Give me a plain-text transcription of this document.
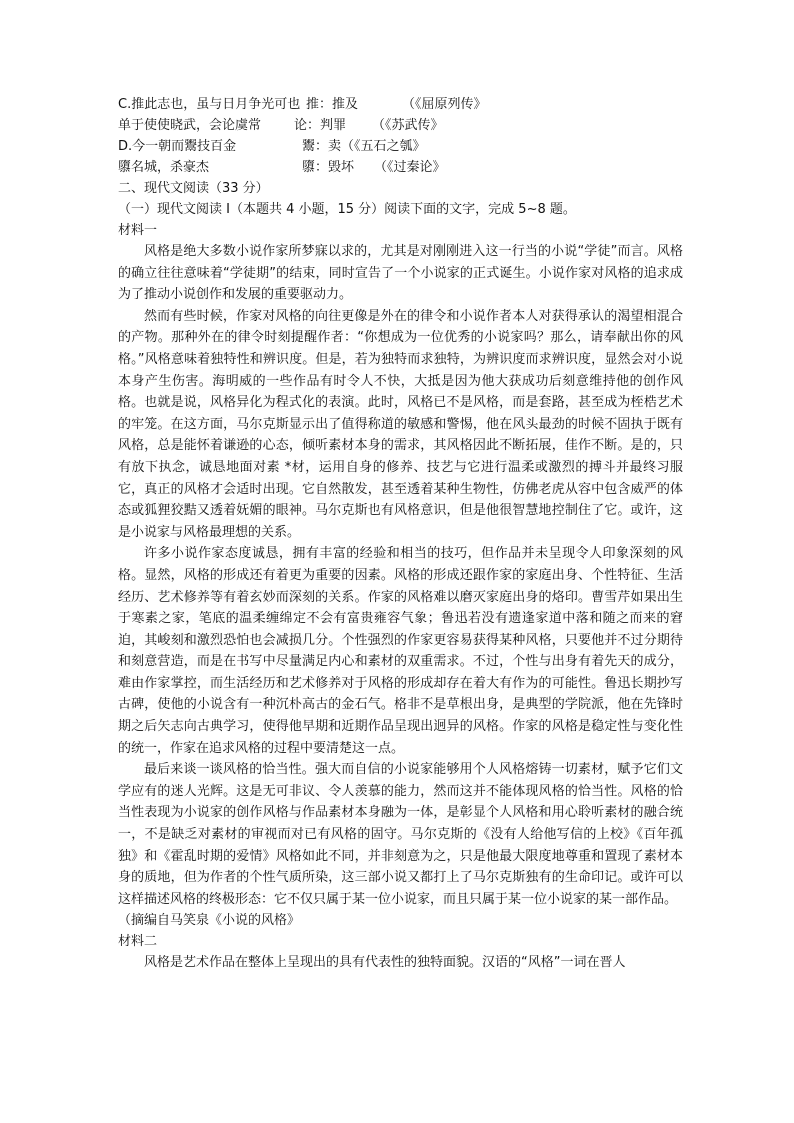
C.推此志也，虽与日月争光可也 推：推及	（《屈原列传》
单于使使晓武，会论虞常	论：判罪 （《苏武传》
D.今一朝而鬻技百金	鬻：卖（《五石之瓠》
隳名城，杀豪杰	隳：毁坏 （《过秦论》
二、现代文阅读（33 分）
（一）现代文阅读 I（本题共 4 小题，15 分）阅读下面的文字，完成 5~8 题。
材料一

风格是绝大多数小说作家所梦寐以求的，尤其是对刚刚进入这一行当的小说“学徒”而言。风格的确立往往意味着“学徒期”的结束，同时宣告了一个小说家的正式诞生。小说作家对风格的追求成为了推动小说创作和发展的重要驱动力。

然而有些时候，作家对风格的向往更像是外在的律令和小说作者本人对获得承认的渴望相混合的产物。那种外在的律令时刻提醒作者：“你想成为一位优秀的小说家吗？那么，请奉献出你的风格。”风格意味着独特性和辨识度。但是，若为独特而求独特，为辨识度而求辨识度，显然会对小说本身产生伤害。海明威的一些作品有时令人不快，大抵是因为他大获成功后刻意维持他的创作风格。也就是说，风格异化为程式化的表演。此时，风格已不是风格，而是套路，甚至成为桎梏艺术的牢笼。在这方面，马尔克斯显示出了值得称道的敏感和警惕，他在风头最劲的时候不固执于既有风格，总是能怀着谦逊的心态，倾听素材本身的需求，其风格因此不断拓展，佳作不断。是的，只有放下执念，诚恳地面对素 *材，运用自身的修养、技艺与它进行温柔或激烈的搏斗并最终习服它，真正的风格才会适时出现。它自然散发，甚至透着某种生物性，仿佛老虎从容中包含威严的体态或狐狸狡黠又透着妩媚的眼神。马尔克斯也有风格意识，但是他很智慧地控制住了它。或许，这是小说家与风格最理想的关系。

许多小说作家态度诚恳，拥有丰富的经验和相当的技巧，但作品并未呈现令人印象深刻的风格。显然，风格的形成还有着更为重要的因素。风格的形成还跟作家的家庭出身、个性特征、生活经历、艺术修养等有着玄妙而深刻的关系。作家的风格难以磨灭家庭出身的烙印。曹雪芹如果出生于寒素之家，笔底的温柔缠绵定不会有富贵雍容气象；鲁迅若没有遗逢家道中落和随之而来的窘迫，其峻刻和激烈恐怕也会减损几分。个性强烈的作家更容易获得某种风格，只要他并不过分期待和刻意营造，而是在书写中尽量满足内心和素材的双重需求。不过，个性与出身有着先天的成分，难由作家掌控，而生活经历和艺术修养对于风格的形成却存在着大有作为的可能性。鲁迅长期抄写古碑，使他的小说含有一种沉朴高古的金石气。格非不是草根出身，是典型的学院派，他在先锋时期之后矢志向古典学习，使得他早期和近期作品呈现出迥异的风格。作家的风格是稳定性与变化性的统一，作家在追求风格的过程中要清楚这一点。

最后来谈一谈风格的恰当性。强大而自信的小说家能够用个人风格熔铸一切素材，赋予它们文学应有的迷人光辉。这是无可非议、令人羡慕的能力，然而这并不能体现风格的恰当性。风格的恰当性表现为小说家的创作风格与作品素材本身融为一体，是彰显个人风格和用心聆听素材的融合统一，不是缺乏对素材的审视而对已有风格的固守。马尔克斯的《没有人给他写信的上校》《百年孤独》和《霍乱时期的爱情》风格如此不同，并非刻意为之，只是他最大限度地尊重和置现了素材本身的质地，但为作者的个性气质所染，这三部小说又都打上了马尔克斯独有的生命印记。或许可以这样描述风格的终极形态：它不仅只属于某一位小说家，而且只属于某一位小说家的某一部作品。

（摘编自马笑泉《小说的风格》
材料二

风格是艺术作品在整体上呈现出的具有代表性的独特面貌。汉语的“风格”一词在晋人
